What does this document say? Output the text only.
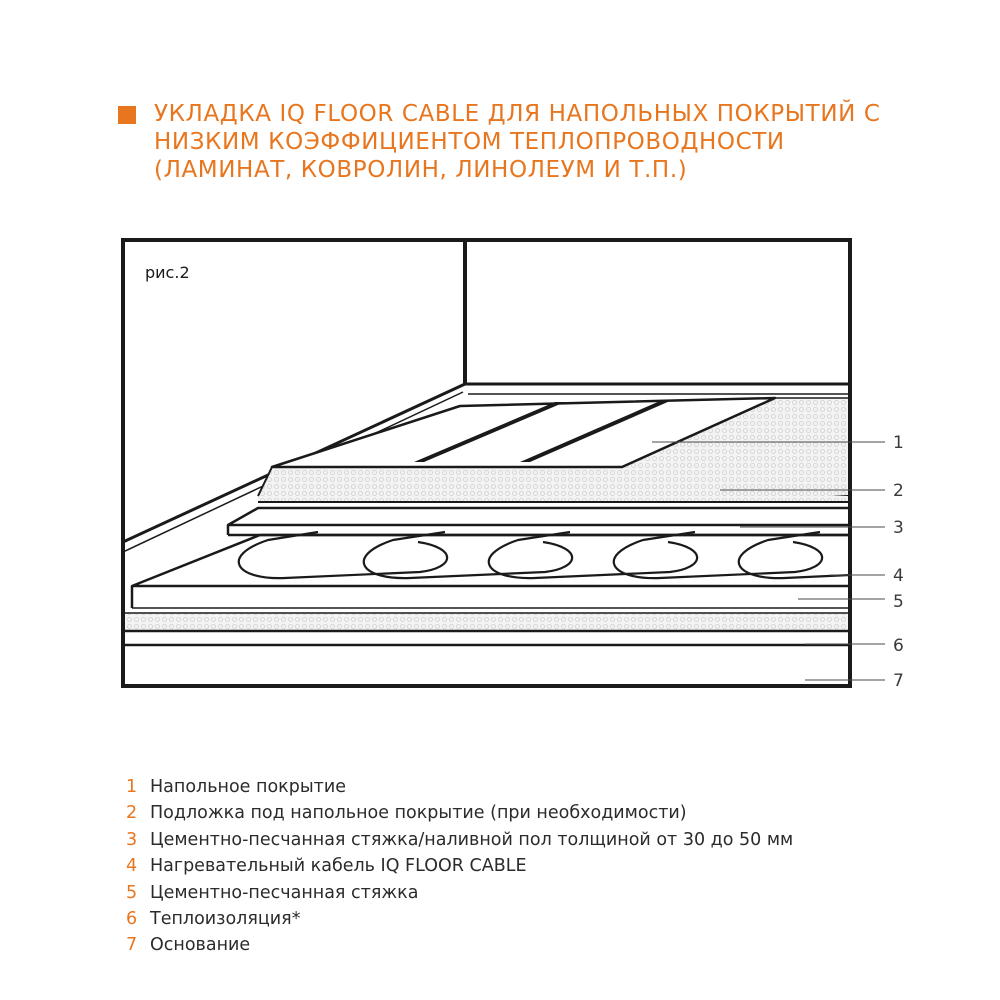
УКЛАДКА IQ FLOOR CABLE ДЛЯ НАПОЛЬНЫХ ПОКРЫТИЙ С
НИЗКИМ КОЭФФИЦИЕНТОМ ТЕПЛОПРОВОДНОСТИ
(ЛАМИНАТ, КОВРОЛИН, ЛИНОЛЕУМ И Т.П.)
рис.2
1
2
3
4
5
6
7
1 Напольное покрытие
2 Подложка под напольное покрытие (при необходимости)
3 Цементно-песчанная стяжка/наливной пол толщиной от 30 до 50 мм
4 Нагревательный кабель IQ FLOOR CABLE
5 Цементно-песчанная стяжка
6 Теплоизоляция*
7 Основание
